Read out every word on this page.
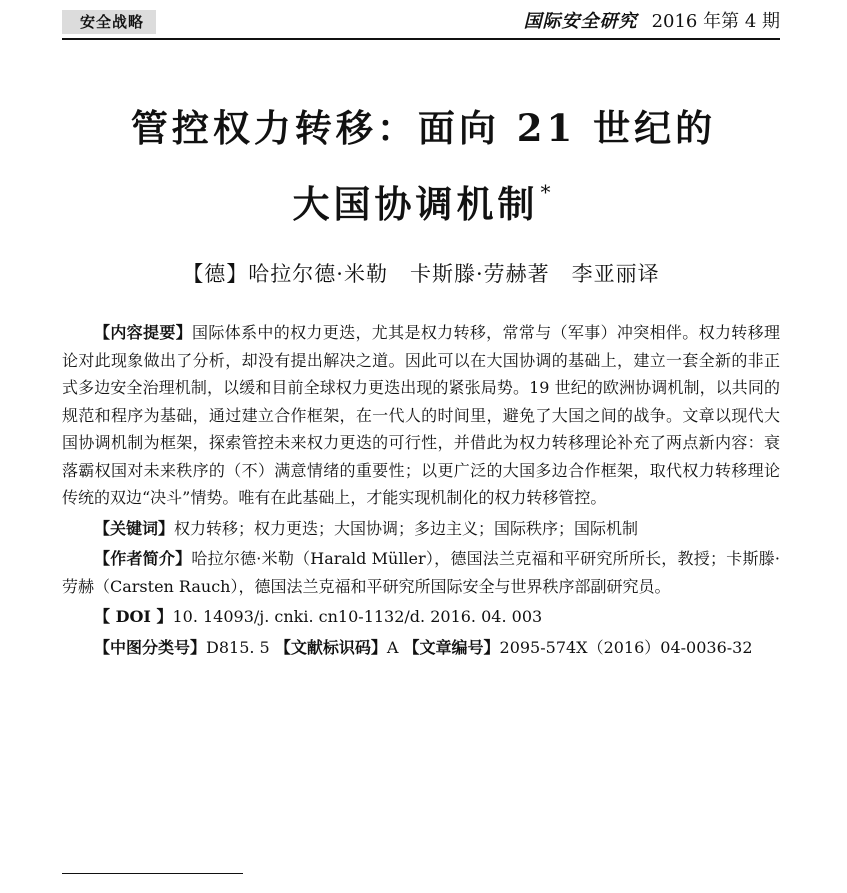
安全战略	国际安全研究 2016 年第 4 期
管控权力转移：面向 21 世纪的
大国协调机制 *
【德】哈拉尔德·米勒　卡斯滕·劳赫著　李亚丽译

【内容提要】国际体系中的权力更迭，尤其是权力转移，常常与（军事）冲突相伴。权力转移理论对此现象做出了分析，却没有提出解决之道。因此可以在大国协调的基础上，建立一套全新的非正式多边安全治理机制，以缓和目前全球权力更迭出现的紧张局势。19 世纪的欧洲协调机制，以共同的规范和程序为基础，通过建立合作框架，在一代人的时间里，避免了大国之间的战争。文章以现代大国协调机制为框架，探索管控未来权力更迭的可行性，并借此为权力转移理论补充了两点新内容：衰落霸权国对未来秩序的（不）满意情绪的重要性；以更广泛的大国多边合作框架，取代权力转移理论传统的双边“决斗”情势。唯有在此基础上，才能实现机制化的权力转移管控。

【关键词】权力转移；权力更迭；大国协调；多边主义；国际秩序；国际机制

【作者简介】哈拉尔德·米勒（Harald Müller），德国法兰克福和平研究所所长，教授；卡斯滕·劳赫（Carsten Rauch），德国法兰克福和平研究所国际安全与世界秩序部副研究员。

【 DOI 】10. 14093/j. cnki. cn10-1132/d. 2016. 04. 003

【中图分类号】D815. 5 【文献标识码】A 【文章编号】2095-574X（2016）04-0036-32
